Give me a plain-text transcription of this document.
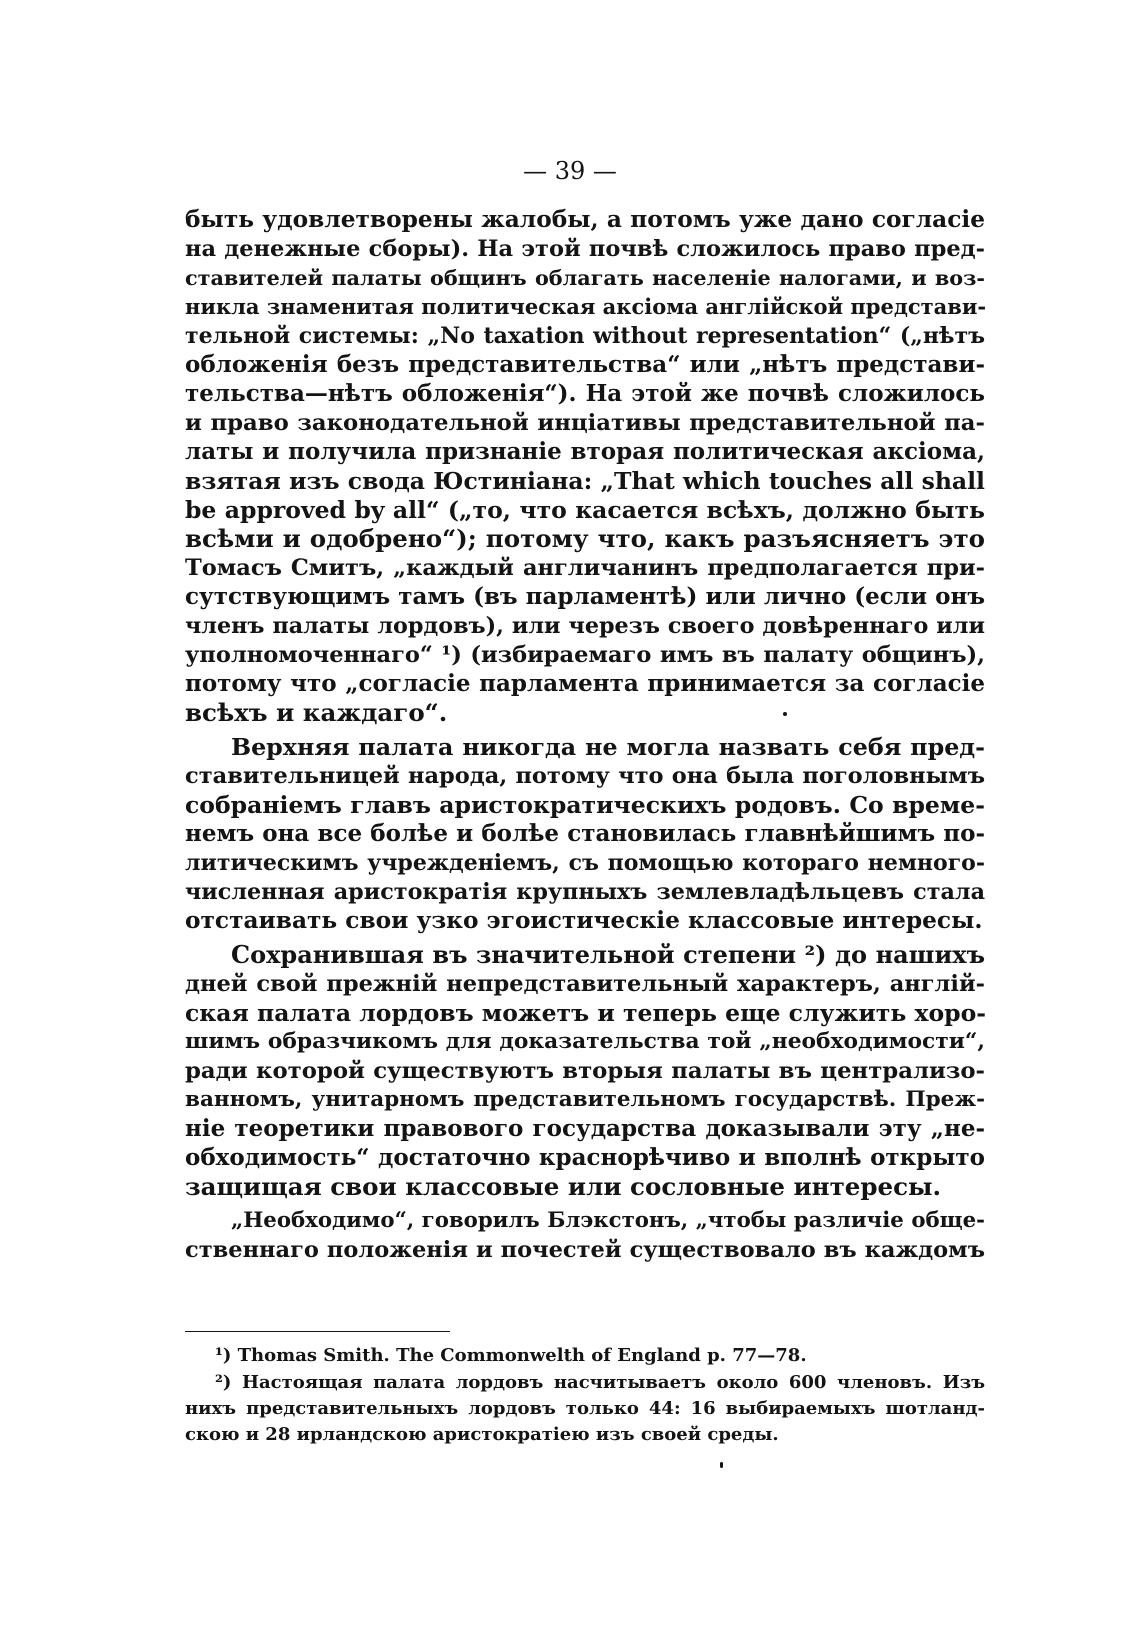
— 39 —
быть удовлетворены жалобы, а потомъ уже дано согласіе
на денежные сборы). На этой почвѣ сложилось право пред-
ставителей палаты общинъ облагать населеніе налогами, и воз-
никла знаменитая политическая аксіома англійской представи-
тельной системы: „No taxation without representation“ („нѣтъ
обложенія безъ представительства“ или „нѣтъ представи-
тельства—нѣтъ обложенія“). На этой же почвѣ сложилось
и право законодательной инціативы представительной па-
латы и получила признаніе вторая политическая аксіома,
взятая изъ свода Юстиніана: „That which touches all shall
be approved by all“ („то, что касается всѣхъ, должно быть
всѣми и одобрено“); потому что, какъ разъясняетъ это
Томасъ Смитъ, „каждый англичанинъ предполагается при-
сутствующимъ тамъ (въ парламентѣ) или лично (если онъ
членъ палаты лордовъ), или черезъ своего довѣреннаго или
уполномоченнаго“ ¹) (избираемаго имъ въ палату общинъ),
потому что „согласіе парламента принимается за согласіе
всѣхъ и каждаго“.
Верхняя палата никогда не могла назвать себя пред-
ставительницей народа, потому что она была поголовнымъ
собраніемъ главъ аристократическихъ родовъ. Со време-
немъ она все болѣе и болѣе становилась главнѣйшимъ по-
литическимъ учрежденіемъ, съ помощью котораго немного-
численная аристократія крупныхъ землевладѣльцевъ стала
отстаивать свои узко эгоистическіе классовые интересы.
Сохранившая въ значительной степени ²) до нашихъ
дней свой прежній непредставительный характеръ, англій-
ская палата лордовъ можетъ и теперь еще служить хоро-
шимъ образчикомъ для доказательства той „необходимости“,
ради которой существуютъ вторыя палаты въ централизо-
ванномъ, унитарномъ представительномъ государствѣ. Преж-
ніе теоретики правового государства доказывали эту „не-
обходимость“ достаточно краснорѣчиво и вполнѣ открыто
защищая свои классовые или сословные интересы.
„Необходимо“, говорилъ Блэкстонъ, „чтобы различіе обще-
ственнаго положенія и почестей существовало въ каждомъ
¹) Thomas Smith. The Commonwelth of England p. 77—78.
²) Настоящая палата лордовъ насчитываетъ около 600 членовъ. Изъ
нихъ представительныхъ лордовъ только 44: 16 выбираемыхъ шотланд-
скою и 28 ирландскою аристократіею изъ своей среды.
